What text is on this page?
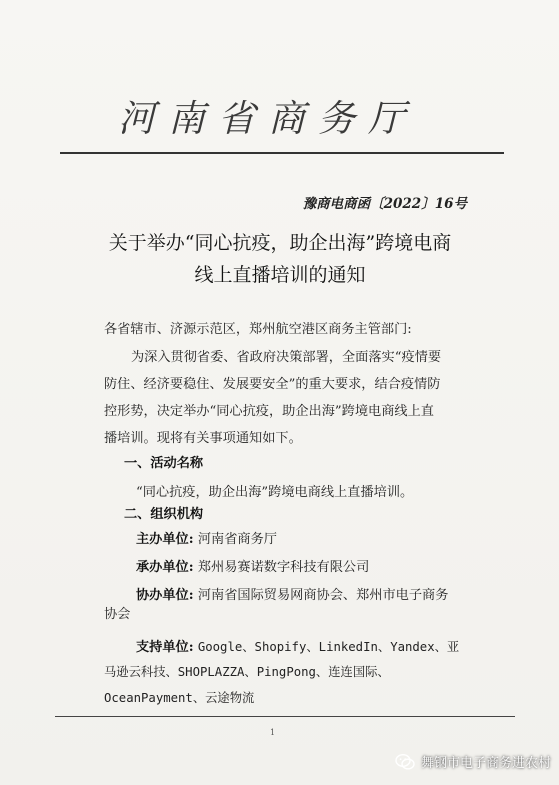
河南省商务厅
豫商电商函〔2022〕16号
关于举办“同心抗疫，助企出海”跨境电商
线上直播培训的通知
各省辖市、济源示范区，郑州航空港区商务主管部门:
为深入贯彻省委、省政府决策部署，全面落实“疫情要
防住、经济要稳住、发展要安全”的重大要求，结合疫情防
控形势，决定举办“同心抗疫，助企出海”跨境电商线上直
播培训。现将有关事项通知如下。
一、活动名称
“同心抗疫，助企出海”跨境电商线上直播培训。
二、组织机构
主办单位: 河南省商务厅
承办单位: 郑州易赛诺数字科技有限公司
协办单位: 河南省国际贸易网商协会、郑州市电子商务
协会
支持单位: Google、Shopify、LinkedIn、Yandex、亚
马逊云科技、SHOPLAZZA、PingPong、连连国际、
OceanPayment、云途物流
1
舞钢市电子商务进农村
